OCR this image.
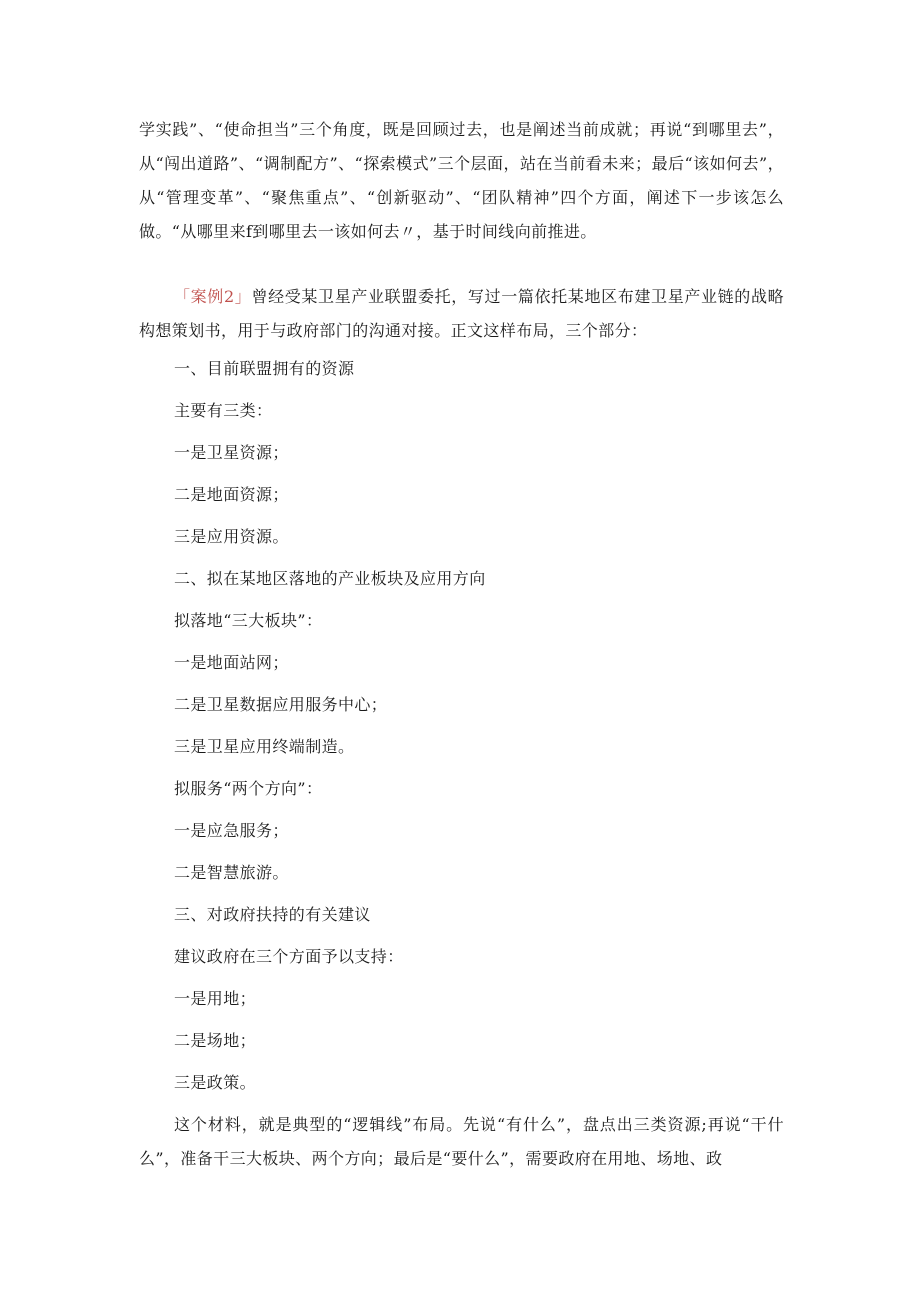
学实践”、“使命担当”三个角度，既是回顾过去，也是阐述当前成就；再说“到哪里去”，从“闯出道路”、“调制配方”、“探索模式”三个层面，站在当前看未来；最后“该如何去”，从“管理变革”、“聚焦重点”、“创新驱动”、“团队精神”四个方面，阐述下一步该怎么做。“从哪里来f到哪里去一该如何去〃，基于时间线向前推进。

「案例2」曾经受某卫星产业联盟委托，写过一篇依托某地区布建卫星产业链的战略构想策划书，用于与政府部门的沟通对接。正文这样布局，三个部分：

一、目前联盟拥有的资源

主要有三类：

一是卫星资源；

二是地面资源；

三是应用资源。

二、拟在某地区落地的产业板块及应用方向

拟落地“三大板块”：

一是地面站网；

二是卫星数据应用服务中心；

三是卫星应用终端制造。

拟服务“两个方向”：

一是应急服务；

二是智慧旅游。

三、对政府扶持的有关建议

建议政府在三个方面予以支持：

一是用地；

二是场地；

三是政策。

这个材料，就是典型的“逻辑线”布局。先说“有什么”，盘点出三类资源;再说“干什么”，准备干三大板块、两个方向；最后是“要什么”，需要政府在用地、场地、政
